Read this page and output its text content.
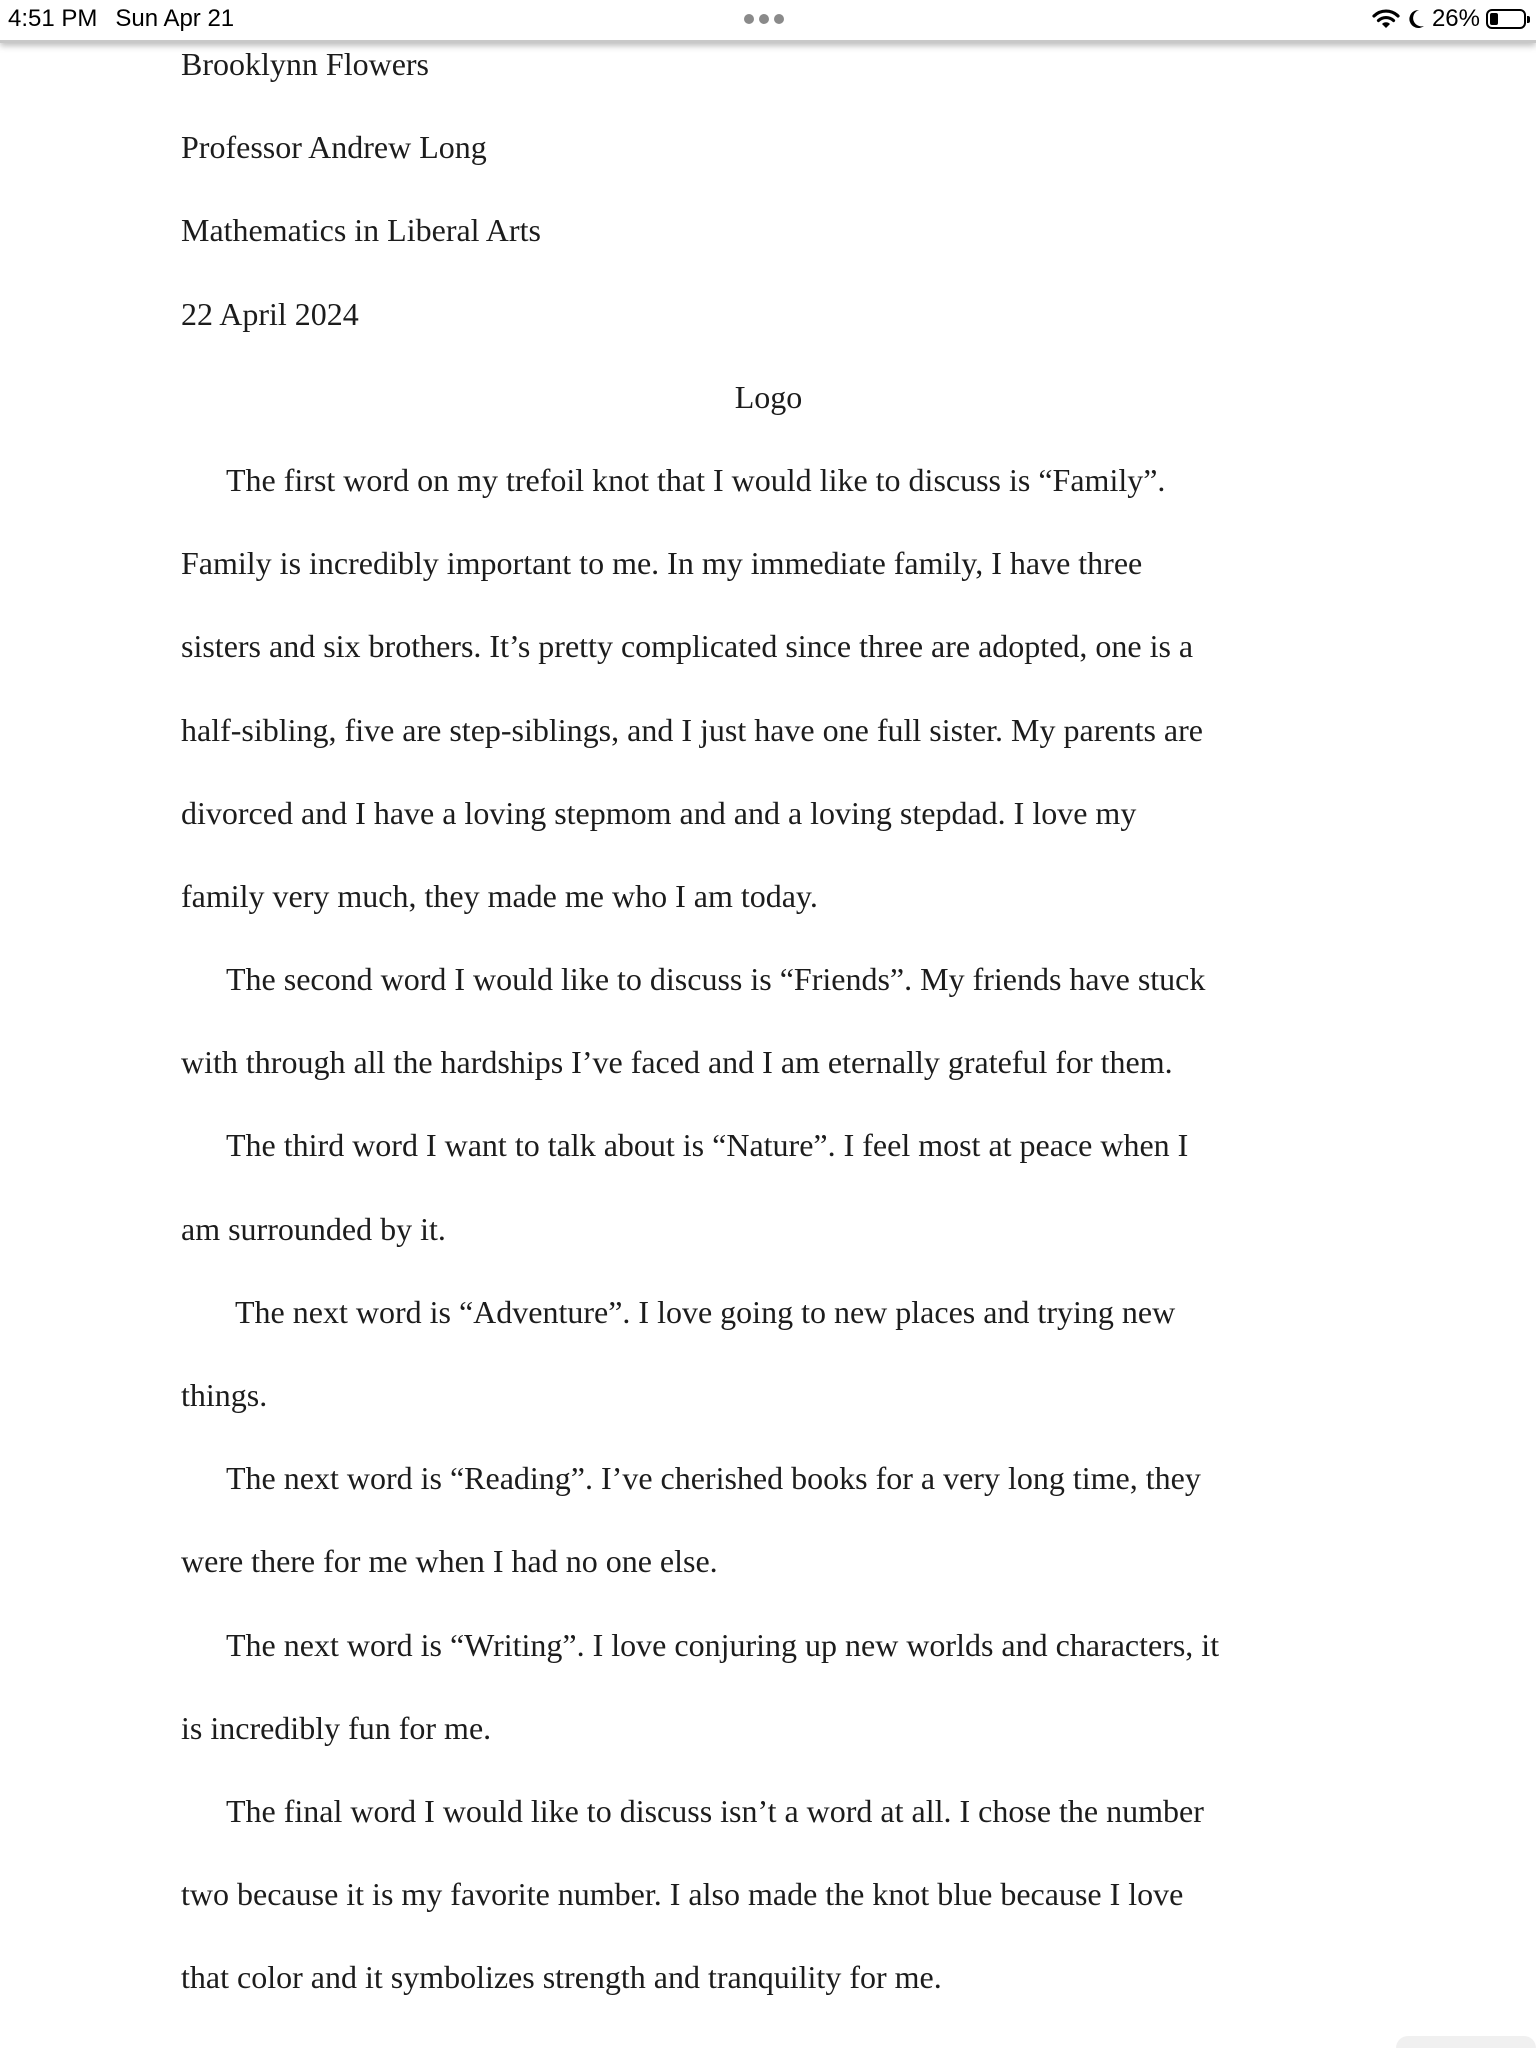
4:51 PM Sun Apr 21	26%
Brooklynn Flowers
Professor Andrew Long
Mathematics in Liberal Arts
22 April 2024
Logo
The first word on my trefoil knot that I would like to discuss is “Family”.
Family is incredibly important to me. In my immediate family, I have three
sisters and six brothers. It’s pretty complicated since three are adopted, one is a
half-sibling, five are step-siblings, and I just have one full sister. My parents are
divorced and I have a loving stepmom and and a loving stepdad. I love my
family very much, they made me who I am today.
The second word I would like to discuss is “Friends”. My friends have stuck
with through all the hardships I’ve faced and I am eternally grateful for them.
The third word I want to talk about is “Nature”. I feel most at peace when I
am surrounded by it.
The next word is “Adventure”. I love going to new places and trying new
things.
The next word is “Reading”. I’ve cherished books for a very long time, they
were there for me when I had no one else.
The next word is “Writing”. I love conjuring up new worlds and characters, it
is incredibly fun for me.
The final word I would like to discuss isn’t a word at all. I chose the number
two because it is my favorite number. I also made the knot blue because I love
that color and it symbolizes strength and tranquility for me.
